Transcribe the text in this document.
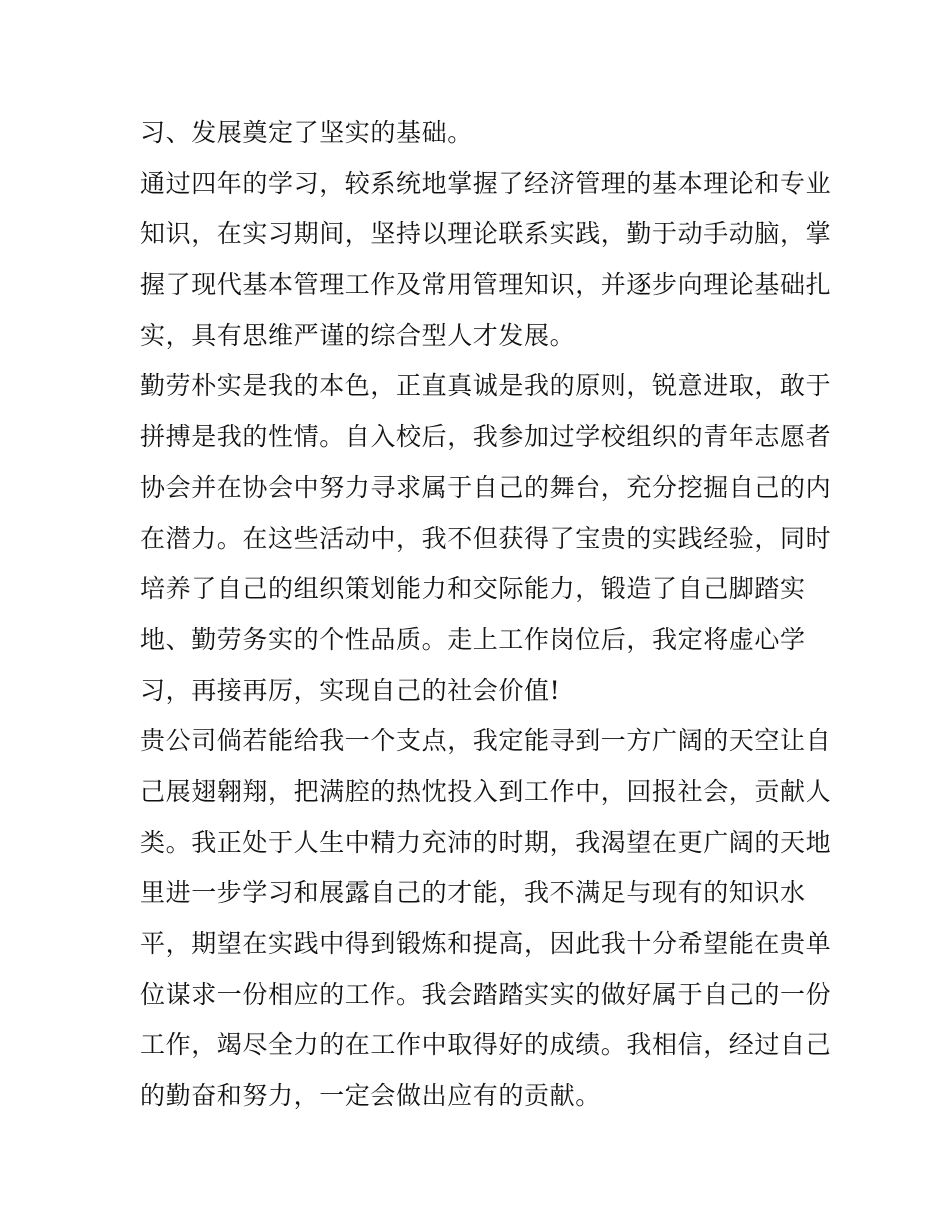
习、发展奠定了坚实的基础。
通过四年的学习，较系统地掌握了经济管理的基本理论和专业
知识，在实习期间，坚持以理论联系实践，勤于动手动脑，掌
握了现代基本管理工作及常用管理知识，并逐步向理论基础扎
实，具有思维严谨的综合型人才发展。
勤劳朴实是我的本色，正直真诚是我的原则，锐意进取，敢于
拼搏是我的性情。自入校后，我参加过学校组织的青年志愿者
协会并在协会中努力寻求属于自己的舞台，充分挖掘自己的内
在潜力。在这些活动中，我不但获得了宝贵的实践经验，同时
培养了自己的组织策划能力和交际能力，锻造了自己脚踏实
地、勤劳务实的个性品质。走上工作岗位后，我定将虚心学
习，再接再厉，实现自己的社会价值!
贵公司倘若能给我一个支点，我定能寻到一方广阔的天空让自
己展翅翱翔，把满腔的热忱投入到工作中，回报社会，贡献人
类。我正处于人生中精力充沛的时期，我渴望在更广阔的天地
里进一步学习和展露自己的才能，我不满足与现有的知识水
平，期望在实践中得到锻炼和提高，因此我十分希望能在贵单
位谋求一份相应的工作。我会踏踏实实的做好属于自己的一份
工作，竭尽全力的在工作中取得好的成绩。我相信，经过自己
的勤奋和努力，一定会做出应有的贡献。
